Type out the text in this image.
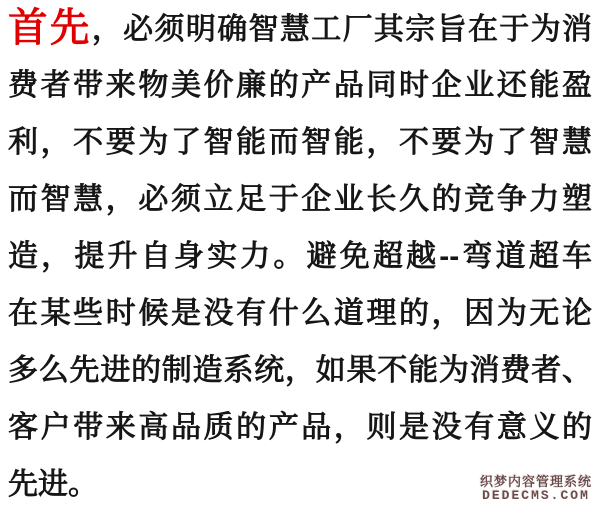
首先，必须明确智慧工厂其宗旨在于为消
费者带来物美价廉的产品同时企业还能盈
利，不要为了智能而智能，不要为了智慧
而智慧，必须立足于企业长久的竞争力塑
造，提升自身实力。避免超越--弯道超车
在某些时候是没有什么道理的，因为无论
多么先进的制造系统，如果不能为消费者、
客户带来高品质的产品，则是没有意义的
先进。	织梦内容管理系统
DEDECMS.COM
